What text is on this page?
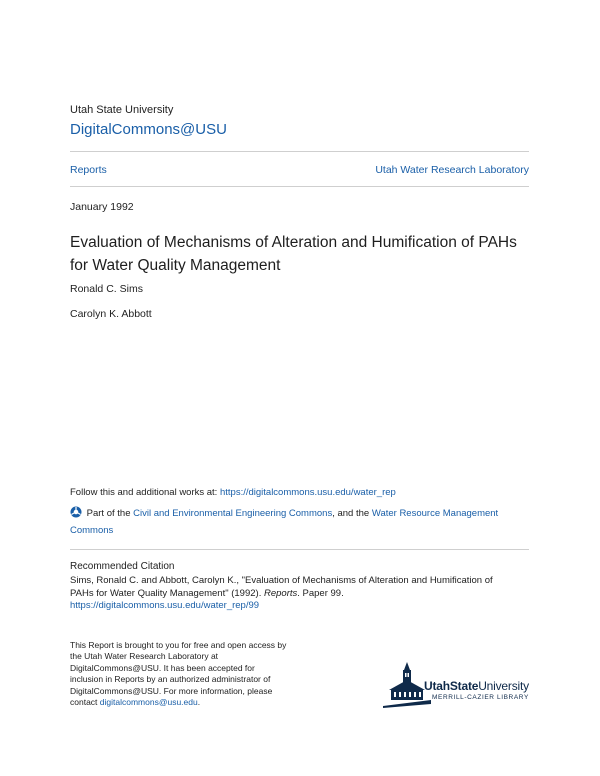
Utah State University
DigitalCommons@USU
Reports	Utah Water Research Laboratory
January 1992
Evaluation of Mechanisms of Alteration and Humification of PAHs
for Water Quality Management
Ronald C. Sims
Carolyn K. Abbott
Follow this and additional works at: https://digitalcommons.usu.edu/water_rep
Part of the Civil and Environmental Engineering Commons, and the Water Resource Management
Commons
Recommended Citation
Sims, Ronald C. and Abbott, Carolyn K., "Evaluation of Mechanisms of Alteration and Humification of
PAHs for Water Quality Management" (1992). Reports. Paper 99.
https://digitalcommons.usu.edu/water_rep/99
This Report is brought to you for free and open access by
the Utah Water Research Laboratory at
DigitalCommons@USU. It has been accepted for
inclusion in Reports by an authorized administrator of
DigitalCommons@USU. For more information, please
contact digitalcommons@usu.edu.
UtahStateUniversity
MERRILL-CAZIER LIBRARY
